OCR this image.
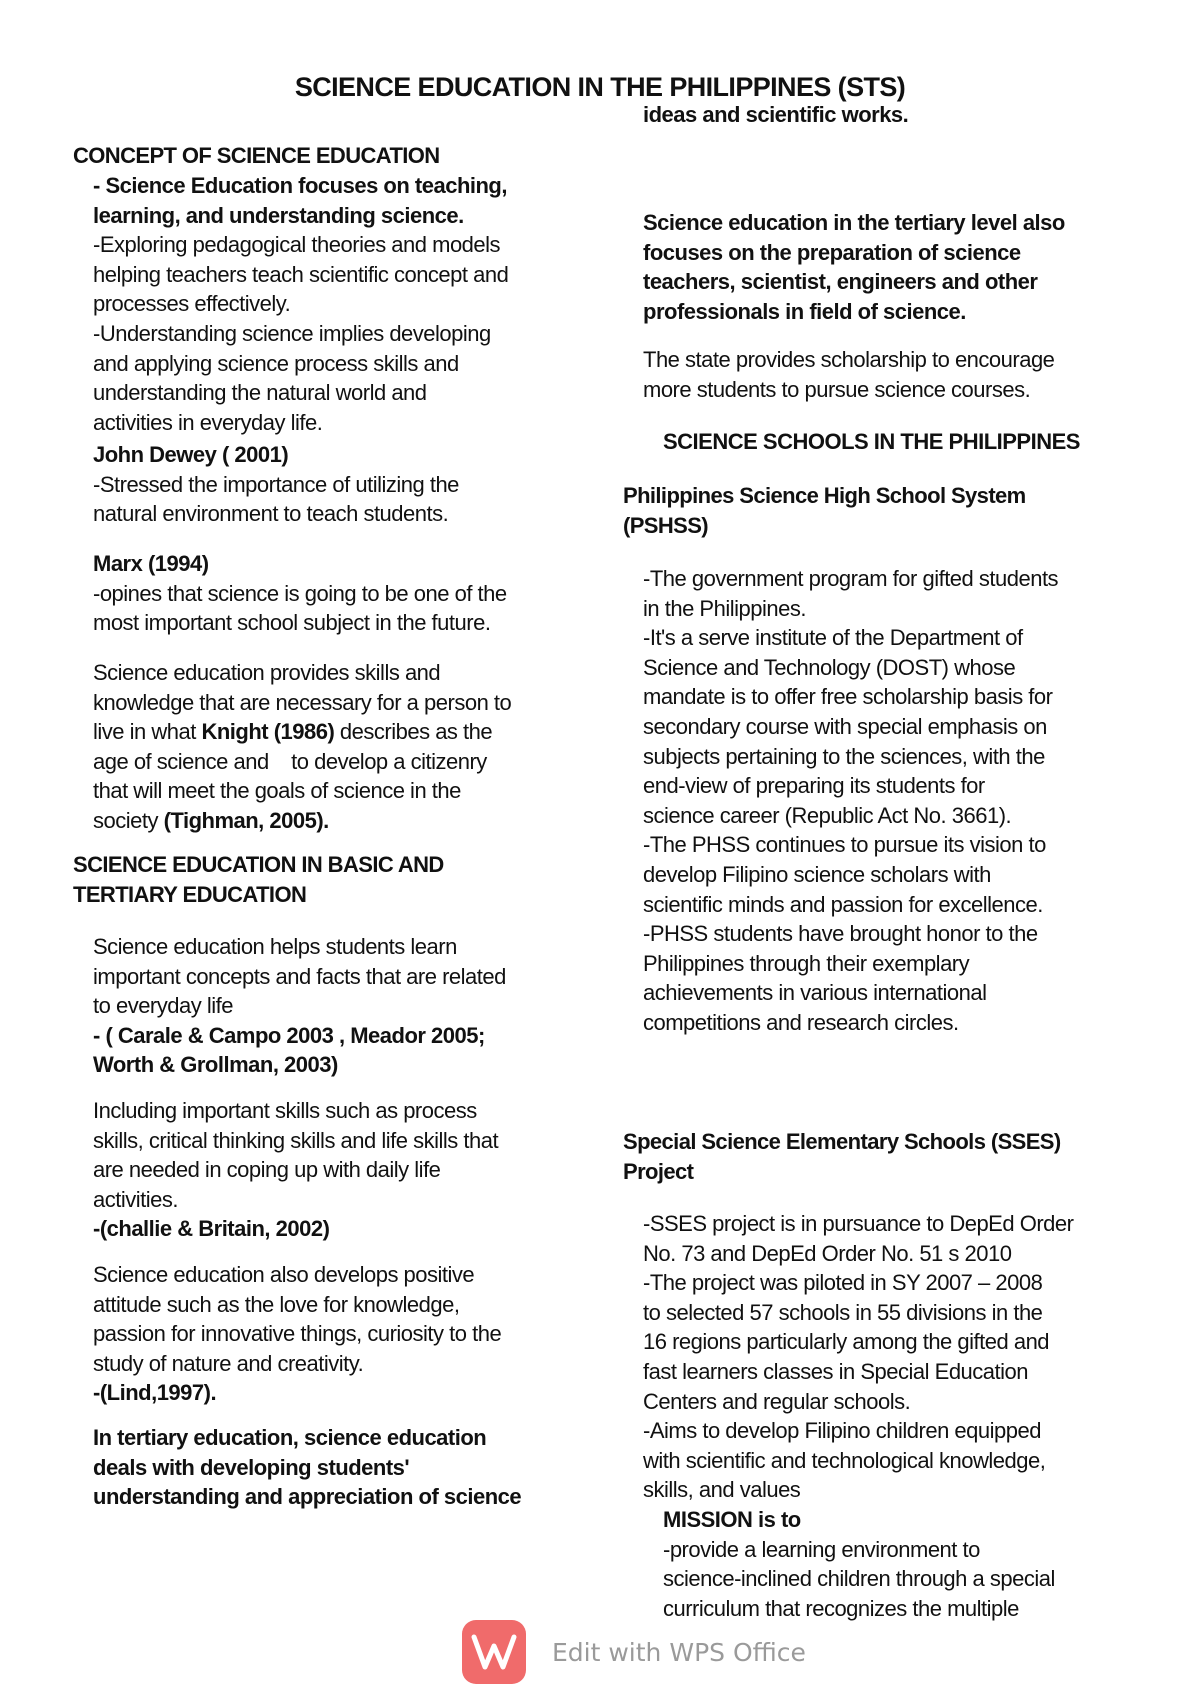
SCIENCE EDUCATION IN THE PHILIPPINES (STS)
CONCEPT OF SCIENCE EDUCATION
- Science Education focuses on teaching,
learning, and understanding science.
-Exploring pedagogical theories and models
helping teachers teach scientific concept and
processes effectively.
-Understanding science implies developing
and applying science process skills and
understanding the natural world and
activities in everyday life.
John Dewey ( 2001)
-Stressed the importance of utilizing the
natural environment to teach students.
Marx (1994)
-opines that science is going to be one of the
most important school subject in the future.
Science education provides skills and
knowledge that are necessary for a person to
live in what Knight (1986) describes as the
age of science and    to develop a citizenry
that will meet the goals of science in the
society (Tighman, 2005).
SCIENCE EDUCATION IN BASIC AND
TERTIARY EDUCATION
Science education helps students learn
important concepts and facts that are related
to everyday life
- ( Carale & Campo 2003 , Meador 2005;
Worth & Grollman, 2003)
Including important skills such as process
skills, critical thinking skills and life skills that
are needed in coping up with daily life
activities.
-(challie & Britain, 2002)
Science education also develops positive
attitude such as the love for knowledge,
passion for innovative things, curiosity to the
study of nature and creativity.
-(Lind,1997).
In tertiary education, science education
deals with developing students'
understanding and appreciation of science
ideas and scientific works.
Science education in the tertiary level also
focuses on the preparation of science
teachers, scientist, engineers and other
professionals in field of science.
The state provides scholarship to encourage
more students to pursue science courses.
SCIENCE SCHOOLS IN THE PHILIPPINES
Philippines Science High School System
(PSHSS)
-The government program for gifted students
in the Philippines.
-It's a serve institute of the Department of
Science and Technology (DOST) whose
mandate is to offer free scholarship basis for
secondary course with special emphasis on
subjects pertaining to the sciences, with the
end-view of preparing its students for
science career (Republic Act No. 3661).
-The PHSS continues to pursue its vision to
develop Filipino science scholars with
scientific minds and passion for excellence.
-PHSS students have brought honor to the
Philippines through their exemplary
achievements in various international
competitions and research circles.
Special Science Elementary Schools (SSES)
Project
-SSES project is in pursuance to DepEd Order
No. 73 and DepEd Order No. 51 s 2010
-The project was piloted in SY 2007 – 2008
to selected 57 schools in 55 divisions in the
16 regions particularly among the gifted and
fast learners classes in Special Education
Centers and regular schools.
-Aims to develop Filipino children equipped
with scientific and technological knowledge,
skills, and values
MISSION is to
-provide a learning environment to
science-inclined children through a special
curriculum that recognizes the multiple
Edit with WPS Office
